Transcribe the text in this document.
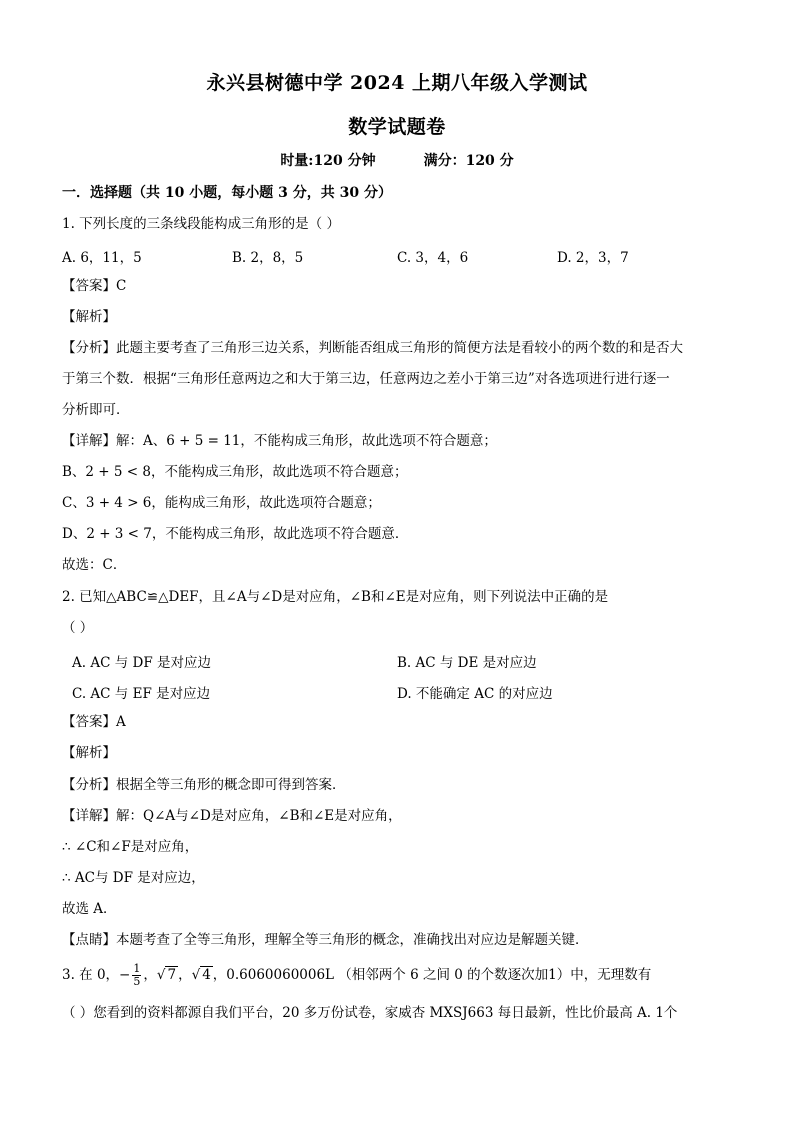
永兴县树德中学 2024 上期八年级入学测试
数学试题卷
时量:120 分钟	满分：120 分
一．选择题（共 10 小题，每小题 3 分，共 30 分）
1. 下列长度的三条线段能构成三角形的是（ ）
A. 6，11，5	B. 2，8，5	C. 3，4，6	D. 2，3，7
【答案】C
【解析】
【分析】此题主要考查了三角形三边关系，判断能否组成三角形的简便方法是看较小的两个数的和是否大
于第三个数．根据“三角形任意两边之和大于第三边，任意两边之差小于第三边”对各选项进行进行逐一
分析即可．
【详解】解：A、6 + 5 = 11，不能构成三角形，故此选项不符合题意；
B、2 + 5 < 8，不能构成三角形，故此选项不符合题意；
C、3 + 4 > 6，能构成三角形，故此选项符合题意；
D、2 + 3 < 7，不能构成三角形，故此选项不符合题意．
故选：C．
2. 已知△ABC≌△DEF，且∠A与∠D是对应角，∠B和∠E是对应角，则下列说法中正确的是
（ ）
A. AC 与 DF 是对应边	B. AC 与 DE 是对应边
C. AC 与 EF 是对应边	D. 不能确定 AC 的对应边
【答案】A
【解析】
【分析】根据全等三角形的概念即可得到答案．
【详解】解：Q∠A与∠D是对应角，∠B和∠E是对应角，
∴ ∠C和∠F是对应角，
∴ AC与 DF 是对应边，
故选 A．
【点睛】本题考查了全等三角形，理解全等三角形的概念，准确找出对应边是解题关键．
3. 在 0，− $\frac{1}{5}$ ，√ 7 ，√ 4 ，0.6060060006L （相邻两个 6 之间 0 的个数逐次加1）中，无理数有
（ ）您看到的资料都源自我们平台，20 多万份试卷，家威杏 MXSJ663 每日最新，性比价最高 A. 1个
